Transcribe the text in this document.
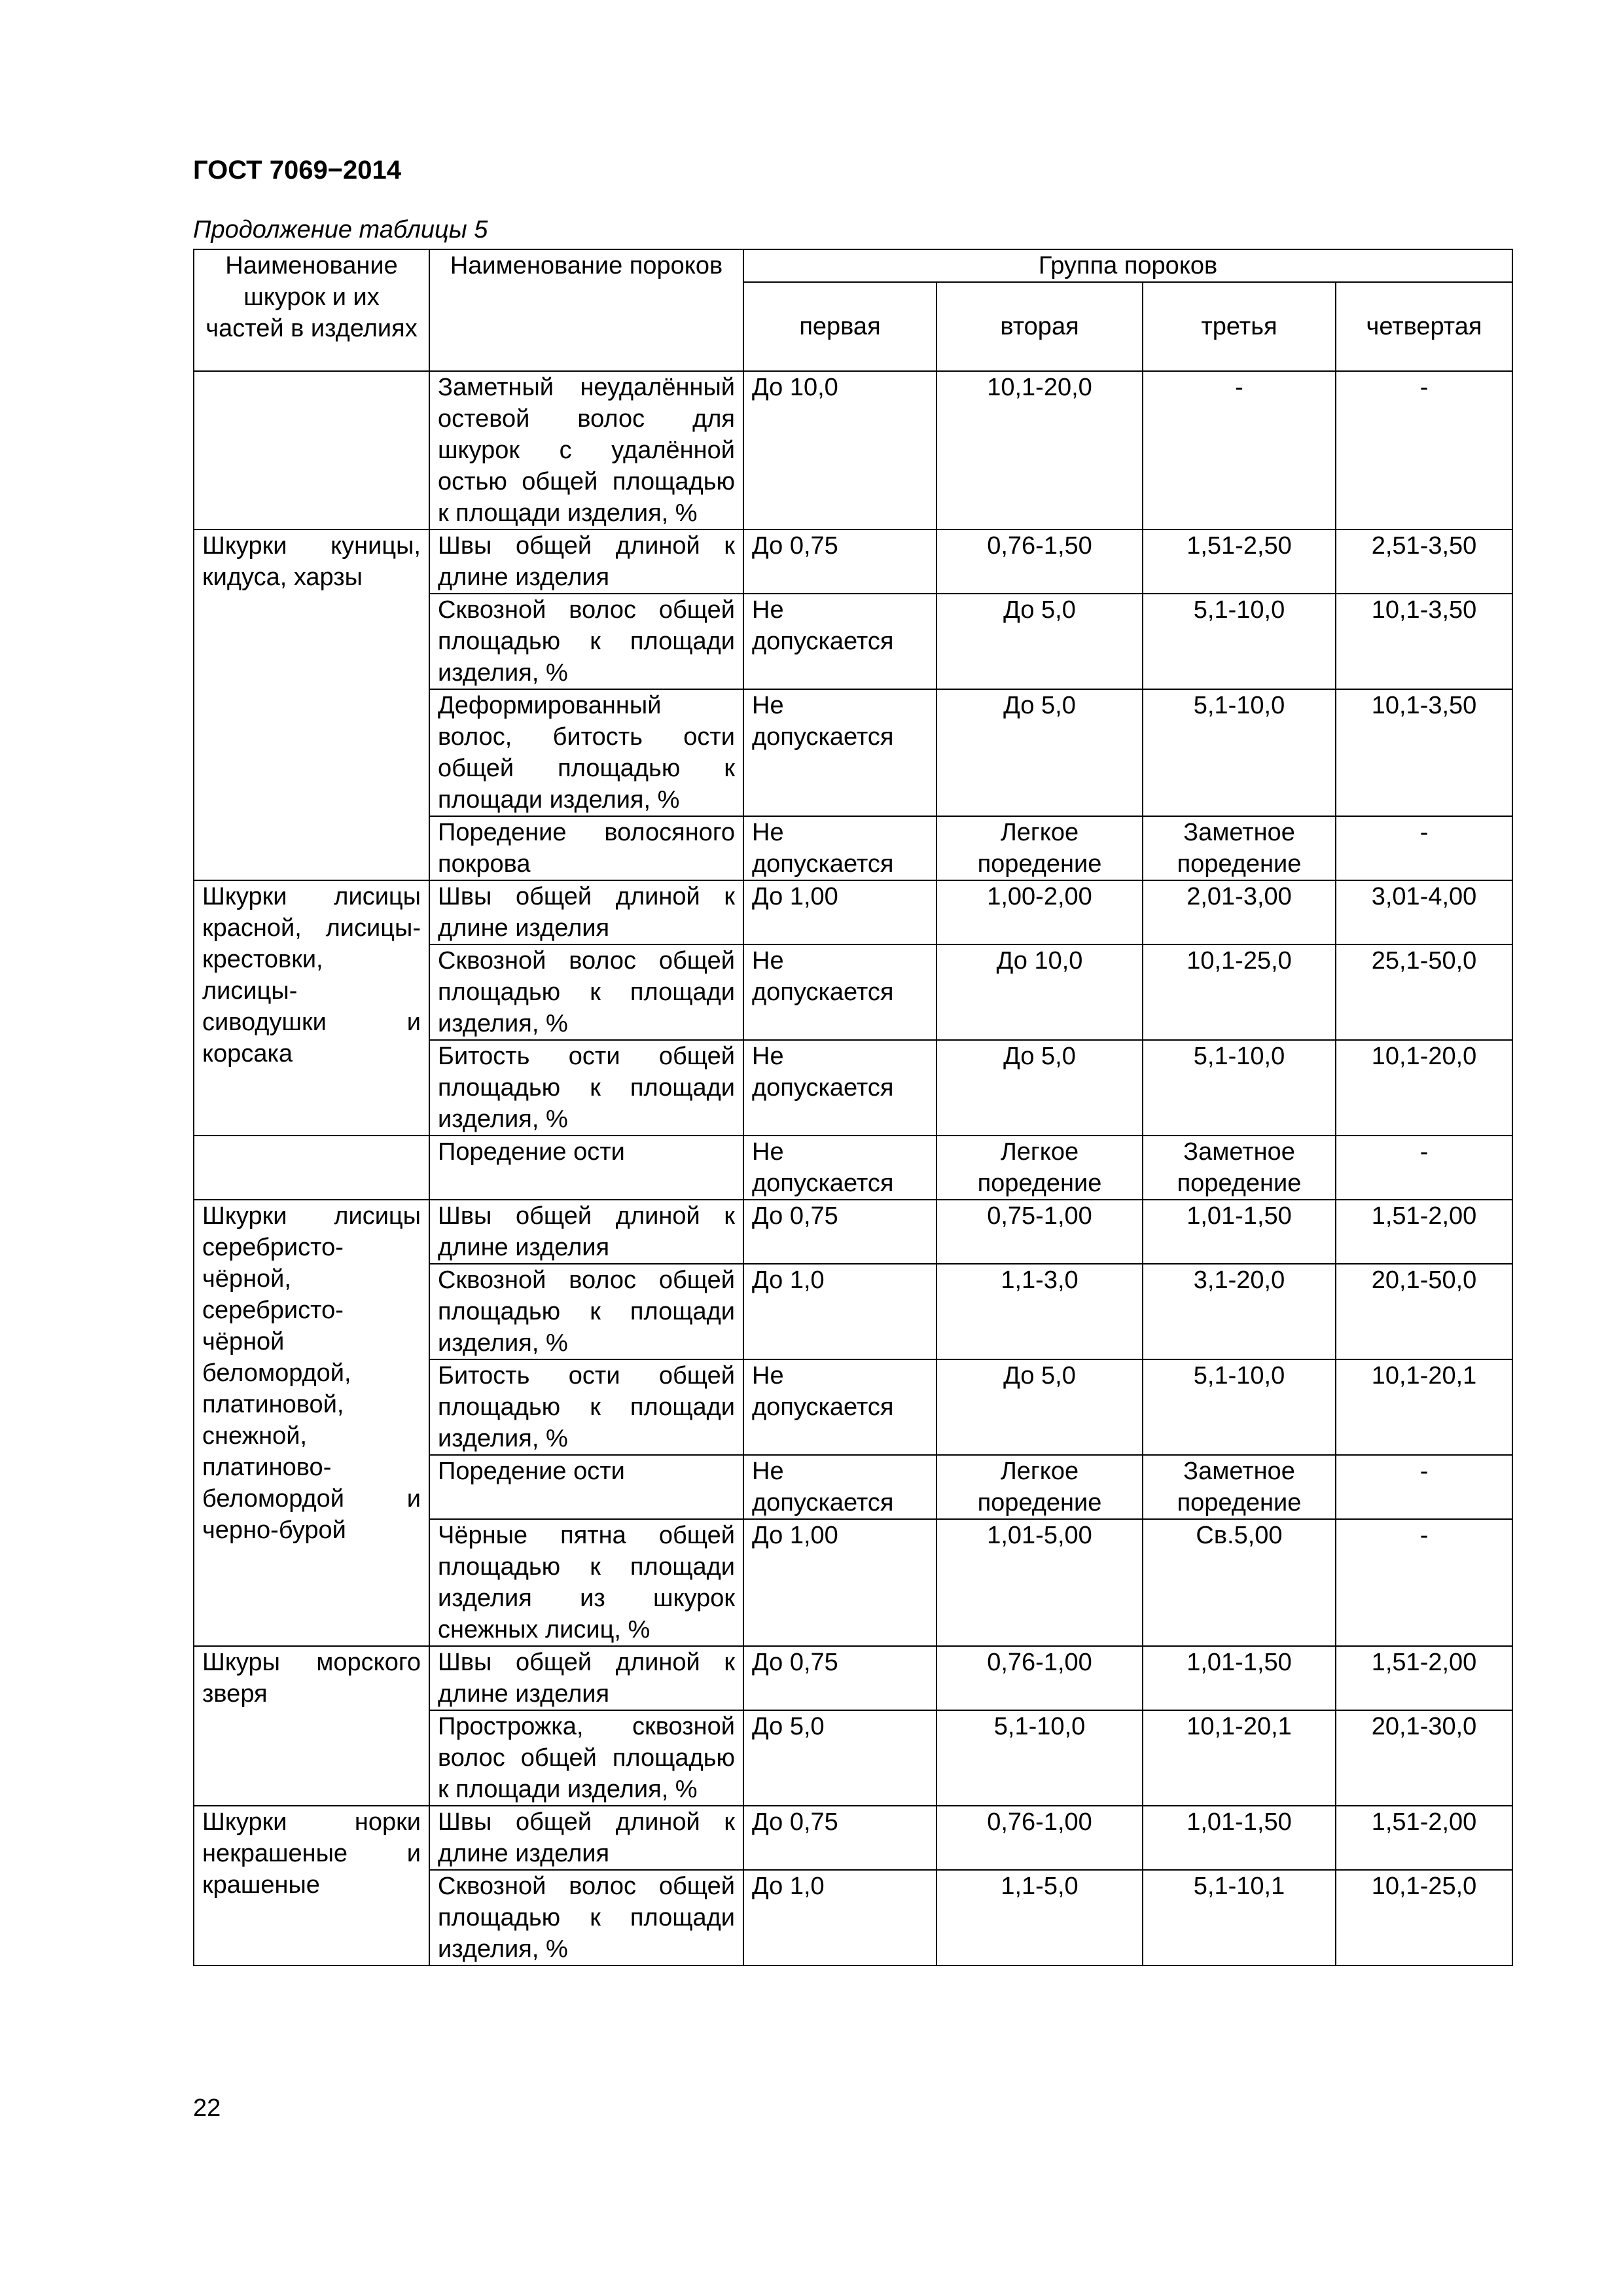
ГОСТ 7069−2014
Продолжение таблицы 5
Наименование шкурок и их частей в изделиях	Наименование пороков	Группа пороков			
		первая	вторая	третья	четвертая
	Заметный неудалённый остевой волос для шкурок с удалённой остью общей площадью к площади изделия, %	До 10,0	10,1-20,0	-	-
Шкурки куницы, кидуса, харзы	Швы общей длиной к длине изделия	До 0,75	0,76-1,50	1,51-2,50	2,51-3,50
	Сквозной волос общей площадью к площади изделия, %	Не допускается	До 5,0	5,1-10,0	10,1-3,50
	Деформированный волос, битость ости общей площадью к площади изделия, %	Не допускается	До 5,0	5,1-10,0	10,1-3,50
	Поредение волосяного покрова	Не допускается	Легкое поредение	Заметное поредение	-
Шкурки лисицы красной, лисицы-крестовки, лисицы-сиводушки и корсака	Швы общей длиной к длине изделия	До 1,00	1,00-2,00	2,01-3,00	3,01-4,00
	Сквозной волос общей площадью к площади изделия, %	Не допускается	До 10,0	10,1-25,0	25,1-50,0
	Битость ости общей площадью к площади изделия, %	Не допускается	До 5,0	5,1-10,0	10,1-20,0
	Поредение ости	Не допускается	Легкое поредение	Заметное поредение	-
Шкурки лисицы серебристо-чёрной, серебристо-чёрной беломордой, платиновой, снежной, платиново-беломордой и черно-бурой	Швы общей длиной к длине изделия	До 0,75	0,75-1,00	1,01-1,50	1,51-2,00
	Сквозной волос общей площадью к площади изделия, %	До 1,0	1,1-3,0	3,1-20,0	20,1-50,0
	Битость ости общей площадью к площади изделия, %	Не допускается	До 5,0	5,1-10,0	10,1-20,1
	Поредение ости	Не допускается	Легкое поредение	Заметное поредение	-
	Чёрные пятна общей площадью к площади изделия из шкурок снежных лисиц, %	До 1,00	1,01-5,00	Св.5,00	-
Шкуры морского зверя	Швы общей длиной к длине изделия	До 0,75	0,76-1,00	1,01-1,50	1,51-2,00
	Прострожка, сквозной волос общей площадью к площади изделия, %	До 5,0	5,1-10,0	10,1-20,1	20,1-30,0
Шкурки норки некрашеные и крашеные	Швы общей длиной к длине изделия	До 0,75	0,76-1,00	1,01-1,50	1,51-2,00
	Сквозной волос общей площадью к площади изделия, %	До 1,0	1,1-5,0	5,1-10,1	10,1-25,0
22
